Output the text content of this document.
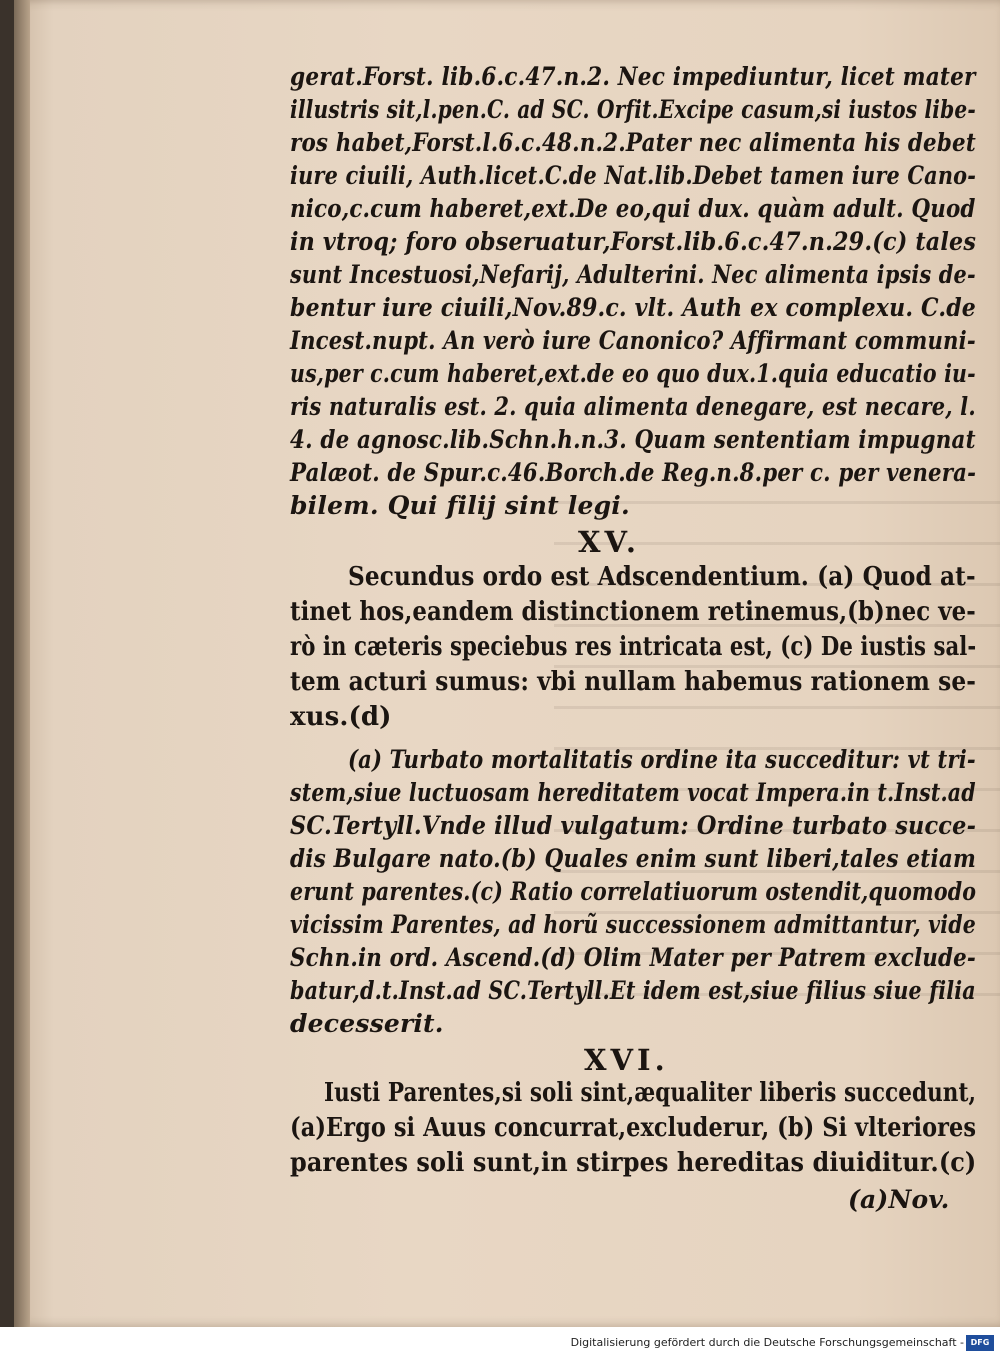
gerat.Forst. lib.6.c.47.n.2. Nec impediuntur, licet mater
illustris sit,l.pen.C. ad SC. Orfit.Excipe casum,si iustos libe-
ros habet,Forst.l.6.c.48.n.2.Pater nec alimenta his debet
iure ciuili, Auth.licet.C.de Nat.lib.Debet tamen iure Cano-
nico,c.cum haberet,ext.De eo,qui dux. quàm adult. Quod
in vtroq; foro obseruatur,Forst.lib.6.c.47.n.29.(c) tales
sunt Incestuosi,Nefarij, Adulterini. Nec alimenta ipsis de-
bentur iure ciuili,Nov.89.c. vlt. Auth ex complexu. C.de
Incest.nupt. An verò iure Canonico? Affirmant communi-
us,per c.cum haberet,ext.de eo quo dux.1.quia educatio iu-
ris naturalis est. 2. quia alimenta denegare, est necare, l.
4. de agnosc.lib.Schn.h.n.3. Quam sententiam impugnat
Palæot. de Spur.c.46.Borch.de Reg.n.8.per c. per venera-
bilem. Qui filij sint legi.
XV.
Secundus ordo est Adscendentium. (a) Quod at-
tinet hos,eandem distinctionem retinemus,(b)nec ve-
rò in cæteris speciebus res intricata est, (c) De iustis sal-
tem acturi sumus: vbi nullam habemus rationem se-
xus.(d)
(a) Turbato mortalitatis ordine ita succeditur: vt tri-
stem,siue luctuosam hereditatem vocat Impera.in t.Inst.ad
SC.Tertyll.Vnde illud vulgatum: Ordine turbato succe-
dis Bulgare nato.(b) Quales enim sunt liberi,tales etiam
erunt parentes.(c) Ratio correlatiuorum ostendit,quomodo
vicissim Parentes, ad horũ successionem admittantur, vide
Schn.in ord. Ascend.(d) Olim Mater per Patrem exclude-
batur,d.t.Inst.ad SC.Tertyll.Et idem est,siue filius siue filia
decesserit.
XVI.
Iusti Parentes,si soli sint,æqualiter liberis succedunt,
(a)Ergo si Auus concurrat,excluderur, (b) Si vlteriores
parentes soli sunt,in stirpes hereditas diuiditur.(c)
(a)Nov.
Digitalisierung gefördert durch die Deutsche Forschungsgemeinschaft - DFG
